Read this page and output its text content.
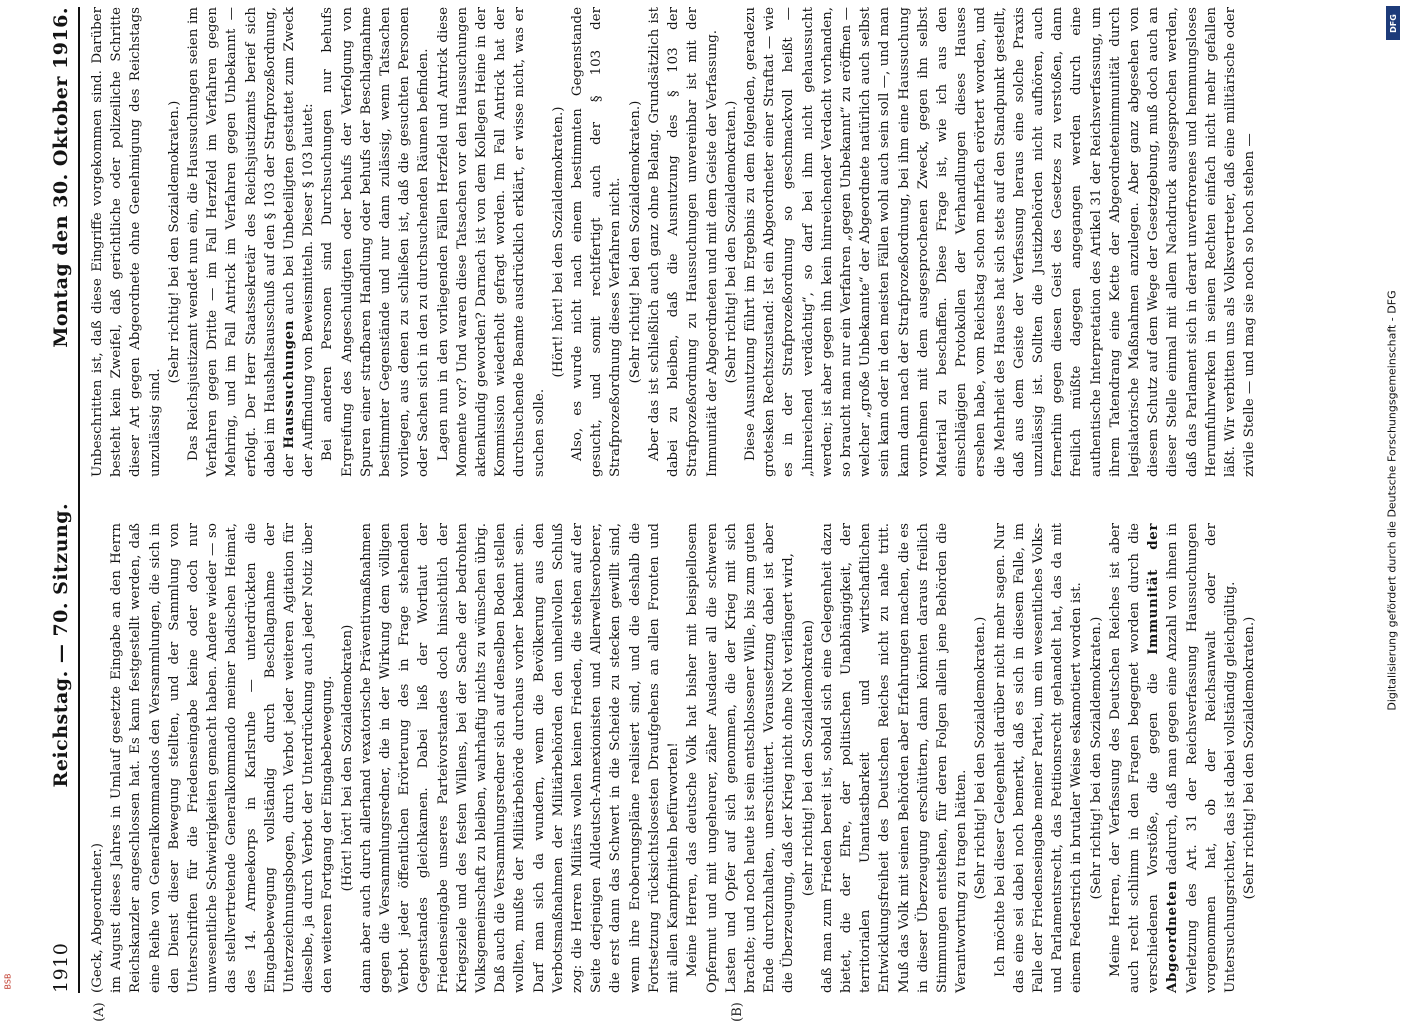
1910
Reichstag. — 70. Sitzung.
Montag den 30. Oktober 1916.
(A)	(B)

(Geck, Abgeordneter.) im August dieses Jahres in Umlauf gesetzte Eingabe an den Herrn Reichskanzler angeschlossen hat. Es kann festgestellt werden, daß eine Reihe von Generalkommandos den Versammlungen, die sich in den Dienst dieser Bewegung stellten, und der Sammlung von Unterschriften für die Friedenseingabe keine oder doch nur unwesentliche Schwierigkeiten gemacht haben. Andere wieder — so das stellvertretende Generalkommando meiner badischen Heimat, des 14. Armeekorps in Karlsruhe — unterdrückten die Eingabebewegung vollständig durch Beschlagnahme der Unterzeichnungsbogen, durch Verbot jeder weiteren Agitation für dieselbe, ja durch Verbot der Unterdrückung auch jeder Notiz über den weiteren Fortgang der Eingabebewegung. (Hört! hört! bei den Sozialdemokraten) dann aber auch durch allerhand vexatorische Präventivmaßnahmen gegen die Versammlungsredner, die in der Wirkung dem völligen Verbot jeder öffentlichen Erörterung des in Frage stehenden Gegenstandes gleichkamen. Dabei ließ der Wortlaut der Friedenseingabe unseres Parteivorstandes doch hinsichtlich der Kriegsziele und des festen Willens, bei der Sache der bedrohten Volksgemeinschaft zu bleiben, wahrhaftig nichts zu wünschen übrig. Daß auch die Versammlungsredner sich auf denselben Boden stellen wollten, mußte der Militärbehörde durchaus vorher bekannt sein. Darf man sich da wundern, wenn die Bevölkerung aus den Verbotsmaßnahmen der Militärbehörden den unheilvollen Schluß zog: die Herren Militärs wollen keinen Frieden, die stehen auf der Seite derjenigen Alldeutsch-Annexionisten und Allerweltseroberer, die erst dann das Schwert in die Scheide zu stecken gewillt sind, wenn ihre Eroberungspläne realisiert sind, und die deshalb die Fortsetzung rücksichtslosesten Draufgehens an allen Fronten und mit allen Kampfmitteln befürworten! Meine Herren, das deutsche Volk hat bisher mit beispiellosem Opfermut und mit ungeheurer, zäher Ausdauer all die schweren Lasten und Opfer auf sich genommen, die der Krieg mit sich brachte; und noch heute ist sein entschlossener Wille, bis zum guten Ende durchzuhalten, unerschüttert. Voraussetzung dabei ist aber die Überzeugung, daß der Krieg nicht ohne Not verlängert wird, (sehr richtig! bei den Sozialdemokraten) daß man zum Frieden bereit ist, sobald sich eine Gelegenheit dazu bietet, die der Ehre, der politischen Unabhängigkeit, der territorialen Unantastbarkeit und wirtschaftlichen Entwicklungsfreiheit des Deutschen Reiches nicht zu nahe tritt. Muß das Volk mit seinen Behörden aber Erfahrungen machen, die es in dieser Überzeugung erschüttern, dann könnten daraus freilich Stimmungen entstehen, für deren Folgen allein jene Behörden die Verantwortung zu tragen hätten. (Sehr richtig! bei den Sozialdemokraten.) Ich möchte bei dieser Gelegenheit darüber nicht mehr sagen. Nur das eine sei dabei noch bemerkt, daß es sich in diesem Falle, im Falle der Friedenseingabe meiner Partei, um ein wesentliches Volks- und Parlamentsrecht, das Petitionsrecht gehandelt hat, das da mit einem Federstrich in brutaler Weise eskamotiert worden ist. (Sehr richtig! bei den Sozialdemokraten.) Meine Herren, der Verfassung des Deutschen Reiches ist aber auch recht schlimm in den Fragen begegnet worden durch die verschiedenen Vorstöße, die gegen die Immunität der Abgeordneten dadurch, daß man gegen eine Anzahl von ihnen in Verletzung des Art. 31 der Reichsverfassung Haussuchungen vorgenommen hat, ob der Reichsanwalt oder der Untersuchungsrichter, das ist dabei vollständig gleichgültig. (Sehr richtig! bei den Sozialdemokraten.)

Unbeschritten ist, daß diese Eingriffe vorgekommen sind. Darüber besteht kein Zweifel, daß gerichtliche oder polizeiliche Schritte dieser Art gegen Abgeordnete ohne Genehmigung des Reichstags unzulässig sind.

(Sehr richtig! bei den Sozialdemokraten.) Das Reichsjustizamt wendet nun ein, die Haussuchungen seien im Verfahren gegen Dritte — im Fall Herzfeld im Verfahren gegen Mehring, und im Fall Antrick im Verfahren gegen Unbekannt — erfolgt. Der Herr Staatssekretär des Reichsjustizamts berief sich dabei im Haushaltsausschuß auf den § 103 der Strafprozeßordnung, der Haussuchungen auch bei Unbeteiligten gestattet zum Zweck der Auffindung von Beweismitteln. Dieser § 103 lautet: Bei anderen Personen sind Durchsuchungen nur behufs Ergreifung des Angeschuldigten oder behufs der Verfolgung von Spuren einer strafbaren Handlung oder behufs der Beschlagnahme bestimmter Gegenstände und nur dann zulässig, wenn Tatsachen vorliegen, aus denen zu schließen ist, daß die gesuchten Personen oder Sachen sich in den zu durchsuchenden Räumen befinden. Lagen nun in den vorliegenden Fällen Herzfeld und Antrick diese Momente vor? Und waren diese Tatsachen vor den Haussuchungen aktenkundig geworden? Darnach ist von dem Kollegen Heine in der Kommission wiederholt gefragt worden. Im Fall Antrick hat der durchsuchende Beamte ausdrücklich erklärt, er wisse nicht, was er suchen solle.

(Hört! hört! bei den Sozialdemokraten.) Also, es wurde nicht nach einem bestimmten Gegenstande gesucht, und somit rechtfertigt auch der § 103 der Strafprozeßordnung dieses Verfahren nicht. (Sehr richtig! bei den Sozialdemokraten.) Aber das ist schließlich auch ganz ohne Belang. Grundsätzlich ist dabei zu bleiben, daß die Ausnutzung des § 103 der Strafprozeßordnung zu Haussuchungen unvereinbar ist mit der Immunität der Abgeordneten und mit dem Geiste der Verfassung. (Sehr richtig! bei den Sozialdemokraten.) Diese Ausnutzung führt im Ergebnis zu dem folgenden, geradezu grotesken Rechtszustand: Ist ein Abgeordneter einer Straftat — wie es in der Strafprozeßordnung so geschmackvoll heißt — „hinreichend verdächtig“, so darf bei ihm nicht gehaussucht werden; ist aber gegen ihn kein hinreichender Verdacht vorhanden, so braucht man nur ein Verfahren „gegen Unbekannt“ zu eröffnen — welcher „große Unbekannte“ der Abgeordnete natürlich auch selbst sein kann oder in den meisten Fällen wohl auch sein soll —, und man kann dann nach der Strafprozeßordnung, bei ihm eine Haussuchung vornehmen mit dem ausgesprochenen Zweck, gegen ihn selbst Material zu beschaffen. Diese Frage ist, wie ich aus den einschlägigen Protokollen der Verhandlungen dieses Hauses ersehen habe, vom Reichstag schon mehrfach erörtert worden, und die Mehrheit des Hauses hat sich stets auf den Standpunkt gestellt, daß aus dem Geiste der Verfassung heraus eine solche Praxis unzulässig ist. Sollten die Justizbehörden nicht aufhören, auch fernerhin gegen diesen Geist des Gesetzes zu verstoßen, dann freilich müßte dagegen angegangen werden durch eine authentische Interpretation des Artikel 31 der Reichsverfassung, um ihrem Tatendrang eine Kette der Abgeordnetenimmunität durch legislatorische Maßnahmen anzulegen. Aber ganz abgesehen von diesem Schutz auf dem Wege der Gesetzgebung, muß doch auch an dieser Stelle einmal mit allem Nachdruck ausgesprochen werden, daß das Parlament sich in derart unverfrorenes und hemmungsloses Herumfuhrwerken in seinen Rechten einfach nicht mehr gefallen läßt. Wir verbitten uns als Volksvertreter, daß eine militärische oder zivile Stelle — und mag sie noch so hoch stehen —	Digitalisierung gefördert durch die Deutsche Forschungsgemeinschaft - DFG
DFG
BSB
